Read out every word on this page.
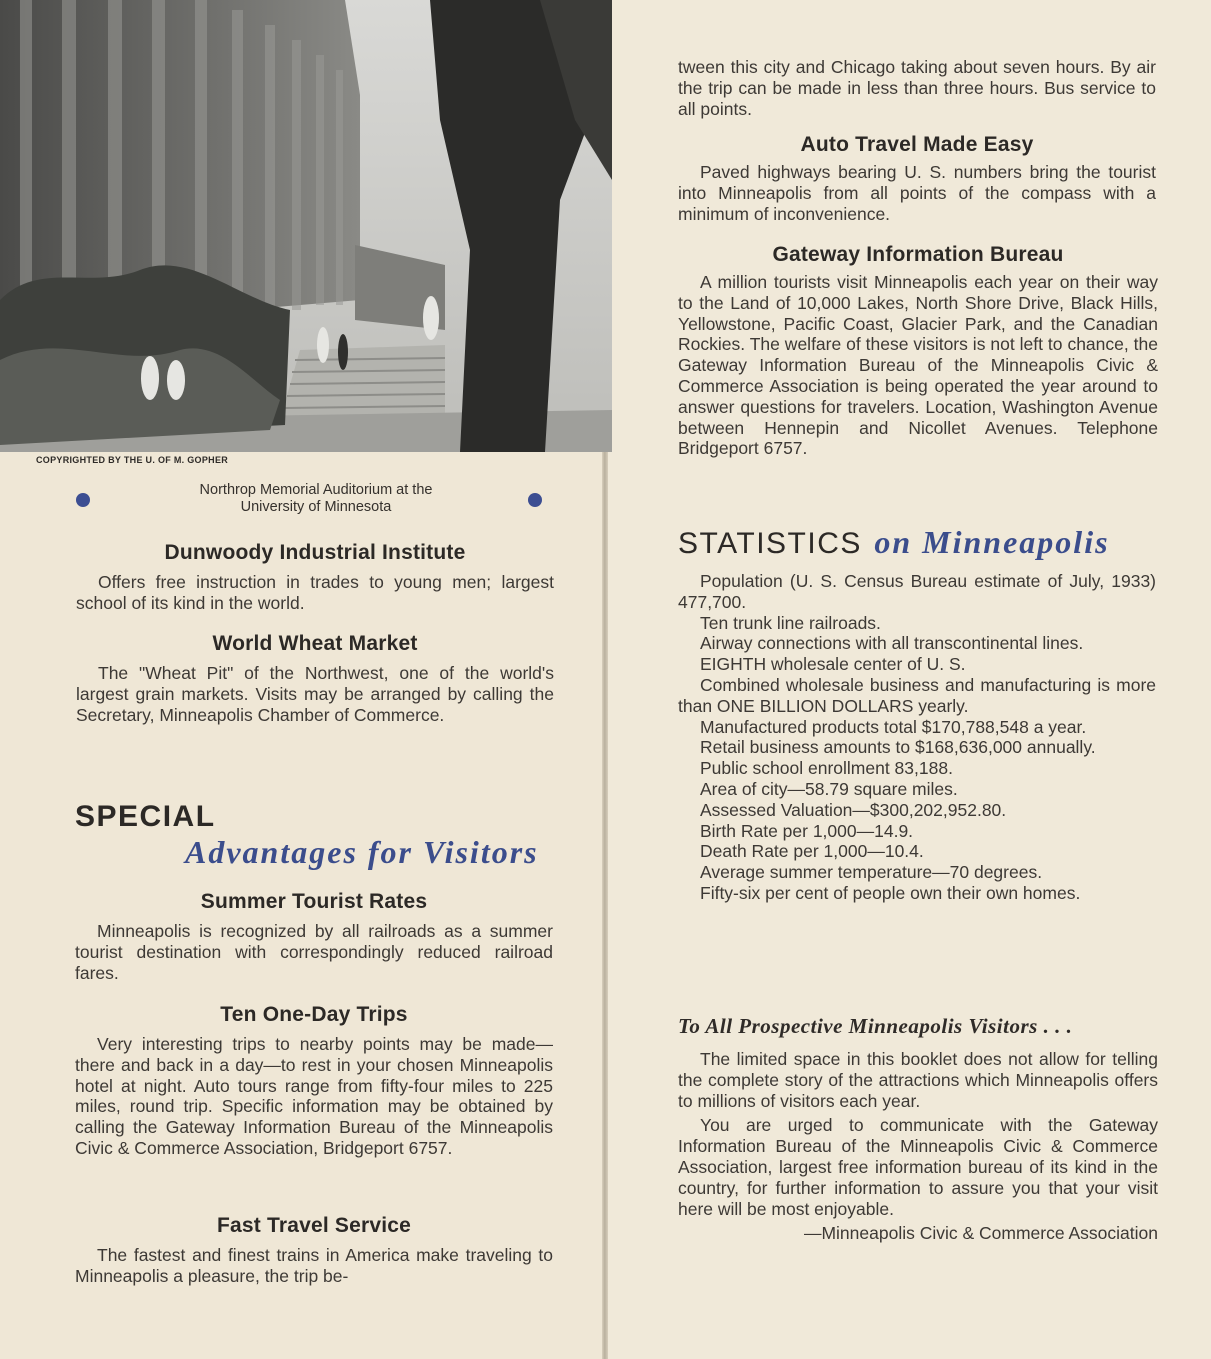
COPYRIGHTED BY THE U. OF M. GOPHER
Northrop Memorial Auditorium at the
University of Minnesota
Dunwoody Industrial Institute

Offers free instruction in trades to young men; largest school of its kind in the world.

World Wheat Market

The "Wheat Pit" of the Northwest, one of the world's largest grain markets. Visits may be arranged by calling the Secretary, Minneapolis Chamber of Commerce.

SPECIAL
Advantages for Visitors
Summer Tourist Rates

Minneapolis is recognized by all railroads as a summer tourist destination with correspondingly reduced railroad fares.

Ten One-Day Trips

Very interesting trips to nearby points may be made—there and back in a day—to rest in your chosen Minneapolis hotel at night. Auto tours range from fifty-four miles to 225 miles, round trip. Specific information may be obtained by calling the Gateway Information Bureau of the Minneapolis Civic & Commerce Association, Bridgeport 6757.

Fast Travel Service

The fastest and finest trains in America make traveling to Minneapolis a pleasure, the trip be-

tween this city and Chicago taking about seven hours. By air the trip can be made in less than three hours. Bus service to all points.

Auto Travel Made Easy

Paved highways bearing U. S. numbers bring the tourist into Minneapolis from all points of the compass with a minimum of inconvenience.

Gateway Information Bureau

A million tourists visit Minneapolis each year on their way to the Land of 10,000 Lakes, North Shore Drive, Black Hills, Yellowstone, Pacific Coast, Glacier Park, and the Canadian Rockies. The welfare of these visitors is not left to chance, the Gateway Information Bureau of the Minneapolis Civic & Commerce Association is being operated the year around to answer questions for travelers. Location, Washington Avenue between Hennepin and Nicollet Avenues. Telephone Bridgeport 6757.

STATISTICS on Minneapolis

Population (U. S. Census Bureau estimate of July, 1933) 477,700.

Ten trunk line railroads.

Airway connections with all transcontinental lines.

EIGHTH wholesale center of U. S.

Combined wholesale business and manufacturing is more than ONE BILLION DOLLARS yearly.

Manufactured products total $170,788,548 a year.

Retail business amounts to $168,636,000 annually.

Public school enrollment 83,188.

Area of city—58.79 square miles.

Assessed Valuation—$300,202,952.80.

Birth Rate per 1,000—14.9.

Death Rate per 1,000—10.4.

Average summer temperature—70 degrees.

Fifty-six per cent of people own their own homes.

To All Prospective Minneapolis Visitors . . .

The limited space in this booklet does not allow for telling the complete story of the attractions which Minneapolis offers to millions of visitors each year.

You are urged to communicate with the Gateway Information Bureau of the Minneapolis Civic & Commerce Association, largest free information bureau of its kind in the country, for further information to assure you that your visit here will be most enjoyable.

—Minneapolis Civic & Commerce Association
